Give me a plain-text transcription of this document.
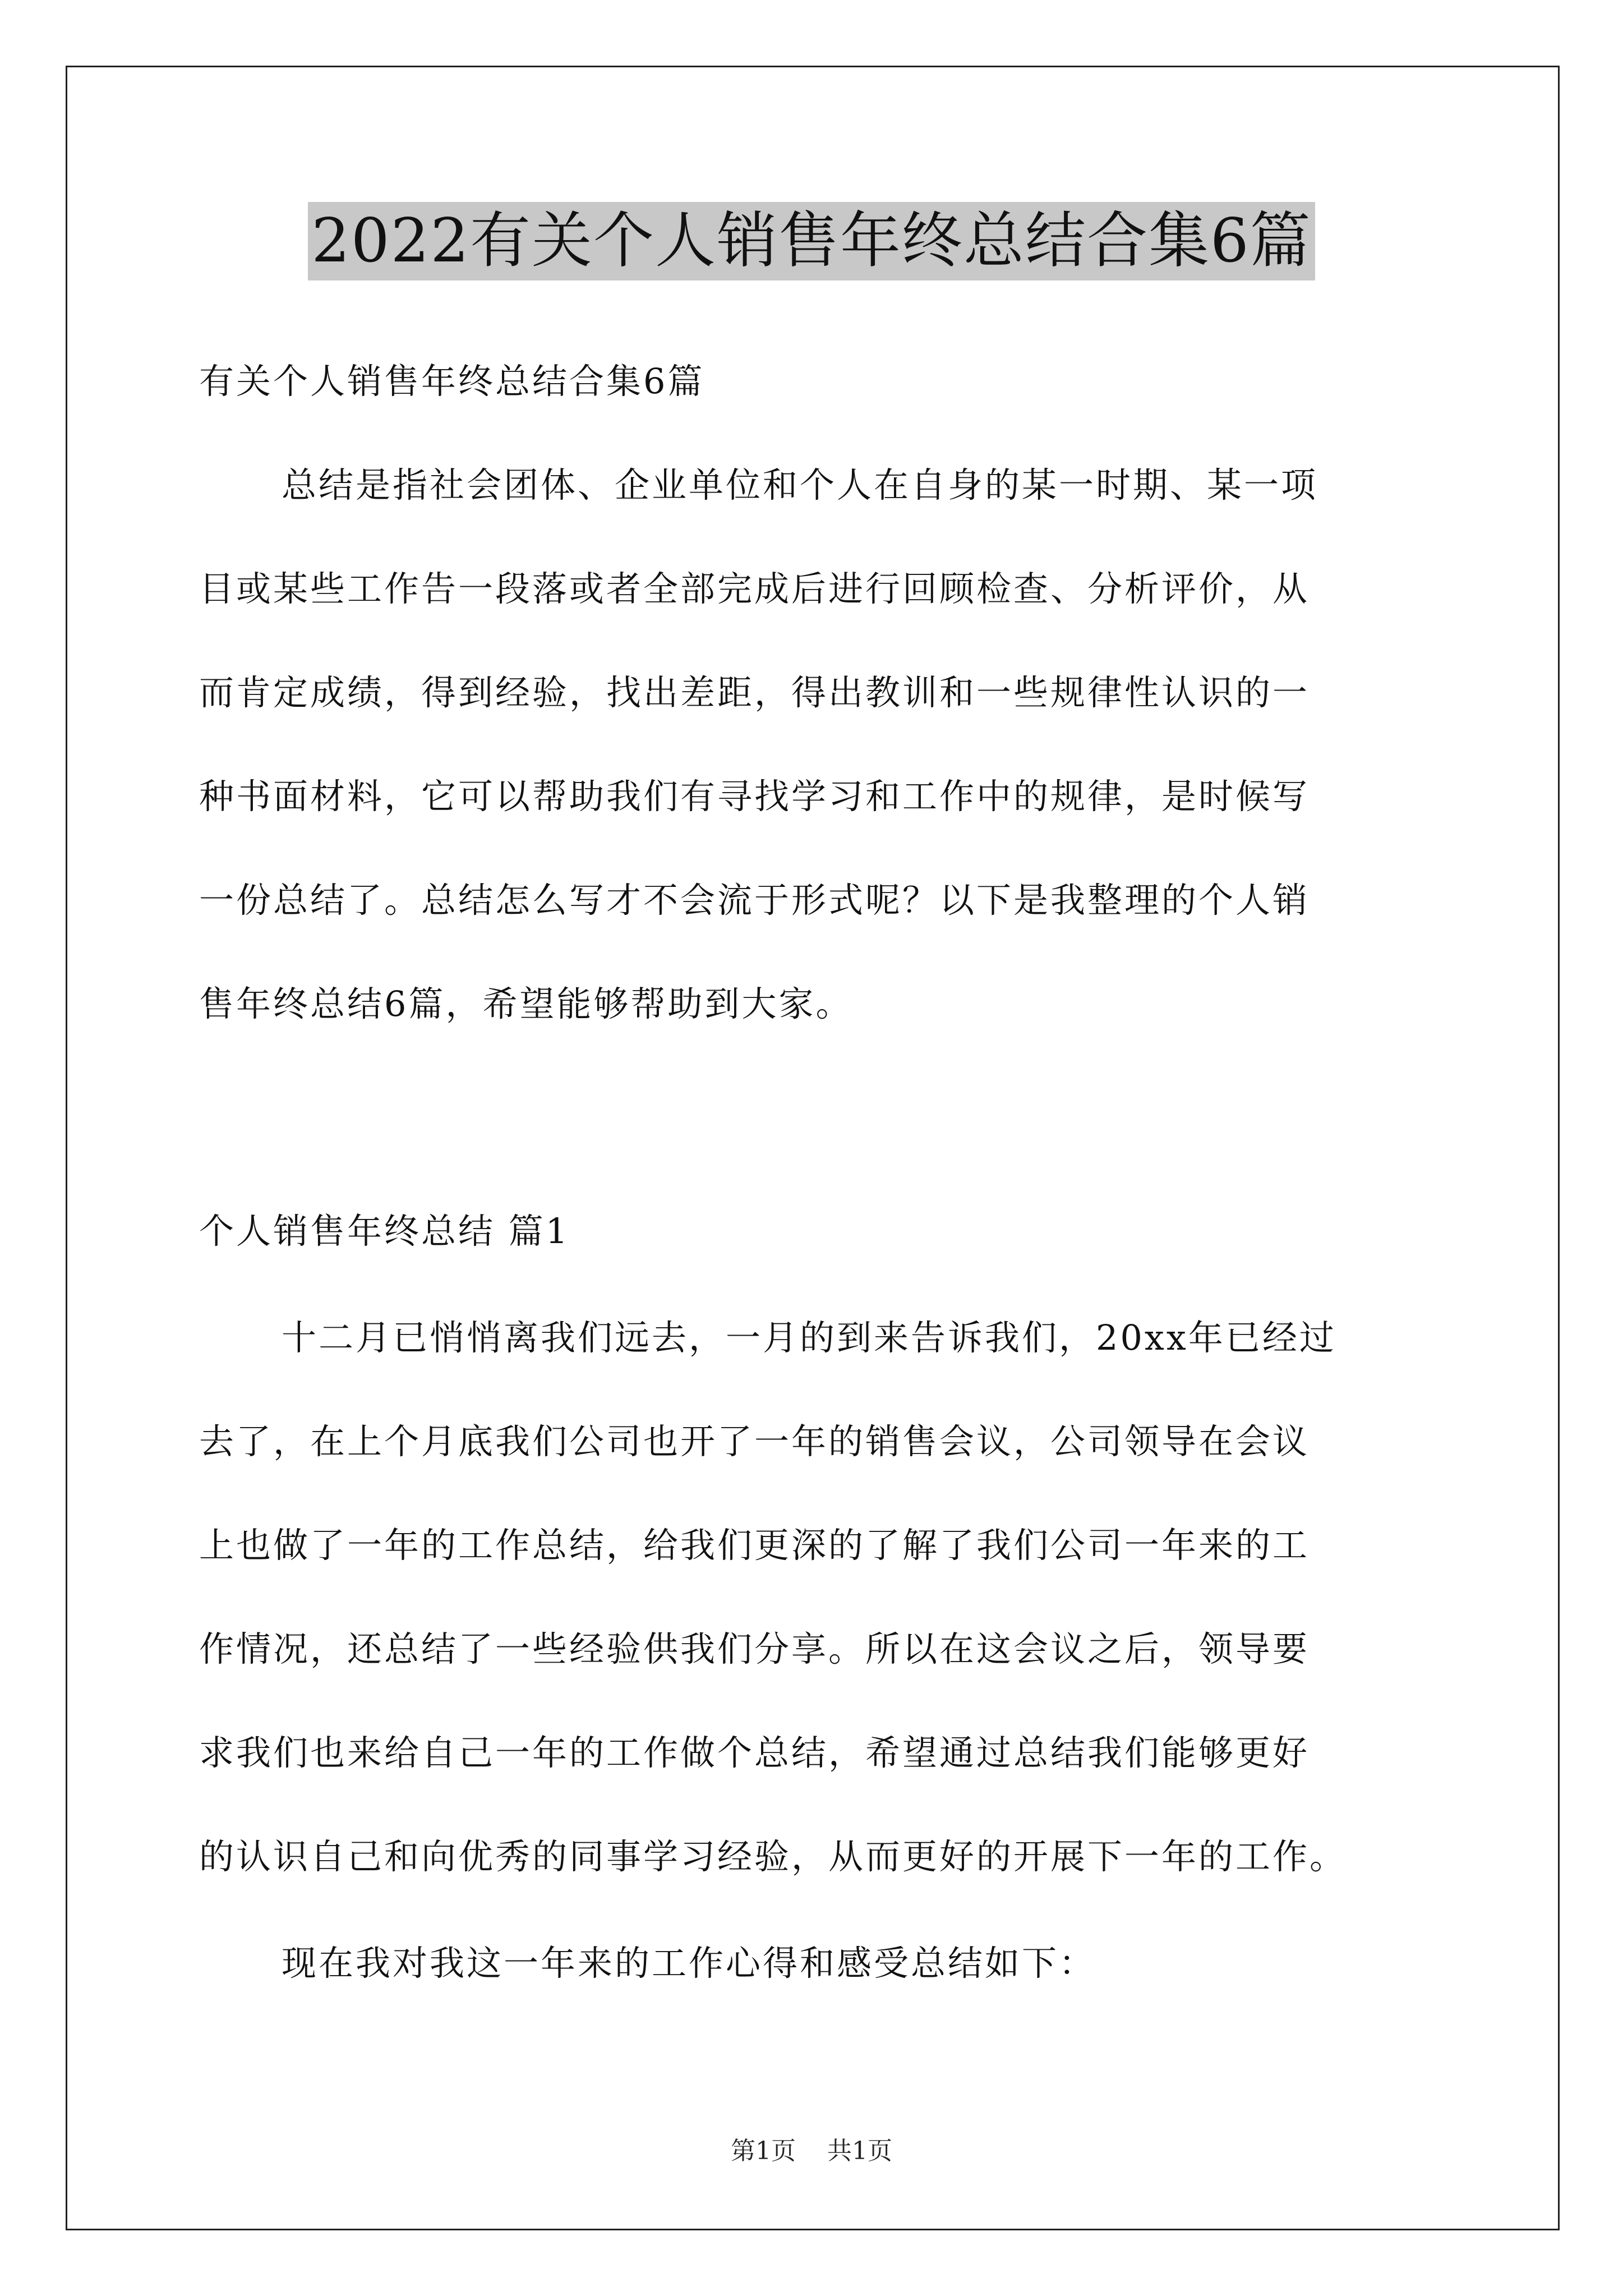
2022有关个人销售年终总结合集6篇
有关个人销售年终总结合集6篇
总结是指社会团体、企业单位和个人在自身的某一时期、某一项
目或某些工作告一段落或者全部完成后进行回顾检查、分析评价，从
而肯定成绩，得到经验，找出差距，得出教训和一些规律性认识的一
种书面材料，它可以帮助我们有寻找学习和工作中的规律，是时候写
一份总结了。总结怎么写才不会流于形式呢？以下是我整理的个人销
售年终总结6篇，希望能够帮助到大家。
个人销售年终总结 篇1
十二月已悄悄离我们远去，一月的到来告诉我们，20xx年已经过
去了，在上个月底我们公司也开了一年的销售会议，公司领导在会议
上也做了一年的工作总结，给我们更深的了解了我们公司一年来的工
作情况，还总结了一些经验供我们分享。所以在这会议之后，领导要
求我们也来给自己一年的工作做个总结，希望通过总结我们能够更好
的认识自己和向优秀的同事学习经验，从而更好的开展下一年的工作。
现在我对我这一年来的工作心得和感受总结如下：
第1页 共1页
